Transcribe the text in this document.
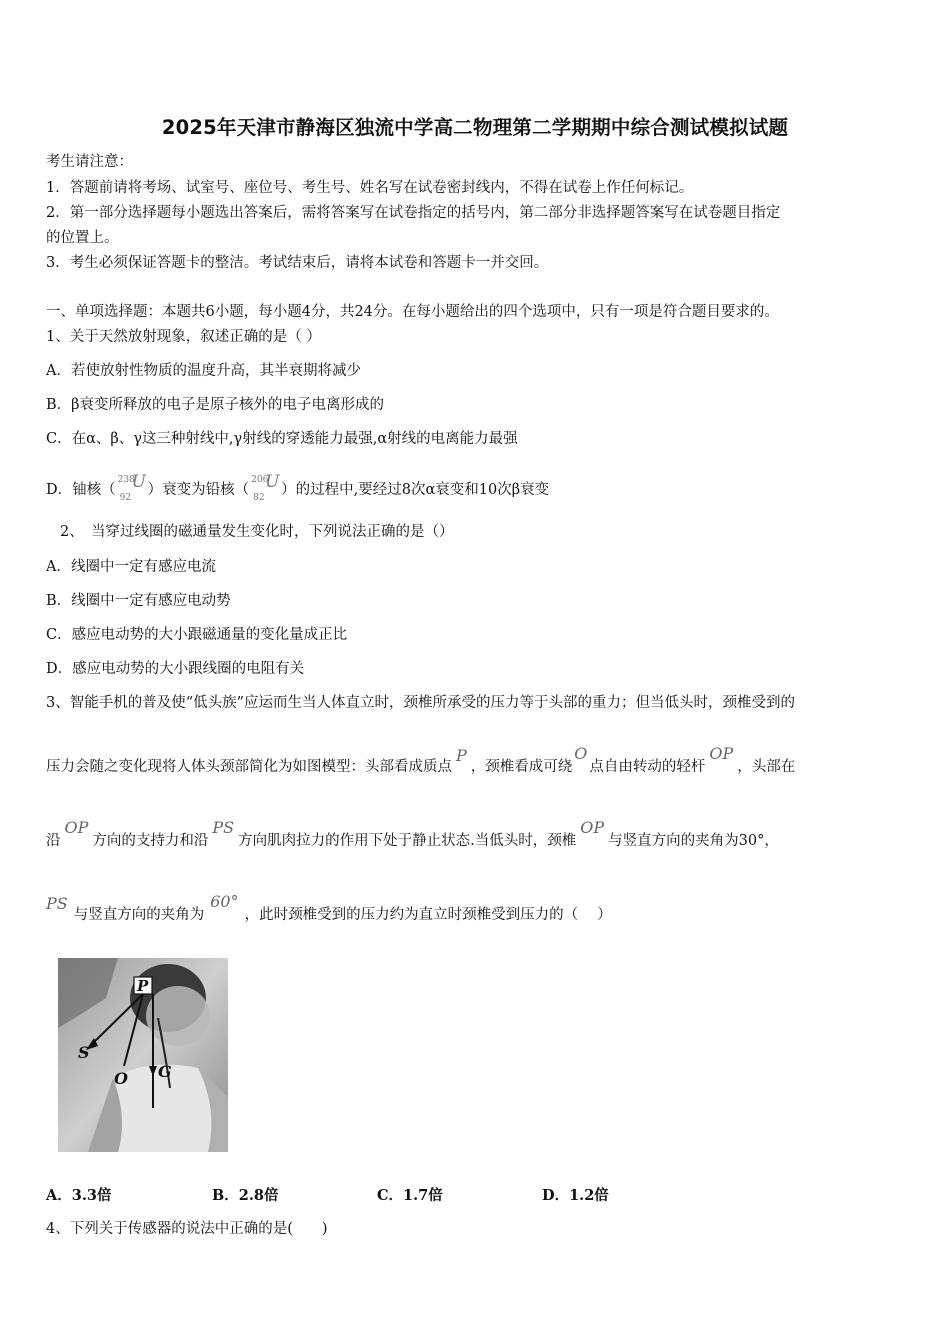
2025年天津市静海区独流中学高二物理第二学期期中综合测试模拟试题
考生请注意：
1．答题前请将考场、试室号、座位号、考生号、姓名写在试卷密封线内，不得在试卷上作任何标记。
2．第一部分选择题每小题选出答案后，需将答案写在试卷指定的括号内，第二部分非选择题答案写在试卷题目指定
的位置上。
3．考生必须保证答题卡的整洁。考试结束后，请将本试卷和答题卡一并交回。
一、单项选择题：本题共6小题，每小题4分，共24分。在每小题给出的四个选项中，只有一项是符合题目要求的。
1、关于天然放射现象，叙述正确的是（ ）
A．若使放射性物质的温度升高，其半衰期将减少
B．β衰变所释放的电子是原子核外的电子电离形成的
C．在α、β、γ这三种射线中,γ射线的穿透能力最强,α射线的电离能力最强
D．铀核（
238
92
U ）衰变为铅核（
206
82
U ）的过程中,要经过8次α衰变和10次β衰变
2、　当穿过线圈的磁通量发生变化时，下列说法正确的是（）
A．线圈中一定有感应电流
B．线圈中一定有感应电动势
C．感应电动势的大小跟磁通量的变化量成正比
D．感应电动势的大小跟线圈的电阻有关
3、智能手机的普及使“低头族”应运而生当人体直立时，颈椎所承受的压力等于头部的重力；但当低头时，颈椎受到的
压力会随之变化现将人体头颈部简化为如图模型：头部看成质点P，颈椎看成可绕O点自由转动的轻杆OP，头部在
沿OP方向的支持力和沿PS方向肌肉拉力的作用下处于静止状态.当低头时，颈椎OP与竖直方向的夹角为30°，
PS与竖直方向的夹角为60°，此时颈椎受到的压力约为直立时颈椎受到压力的（　 ）
P
S
O G
A．3.3倍	B．2.8倍	C．1.7倍	D．1.2倍
4、下列关于传感器的说法中正确的是(　　)
